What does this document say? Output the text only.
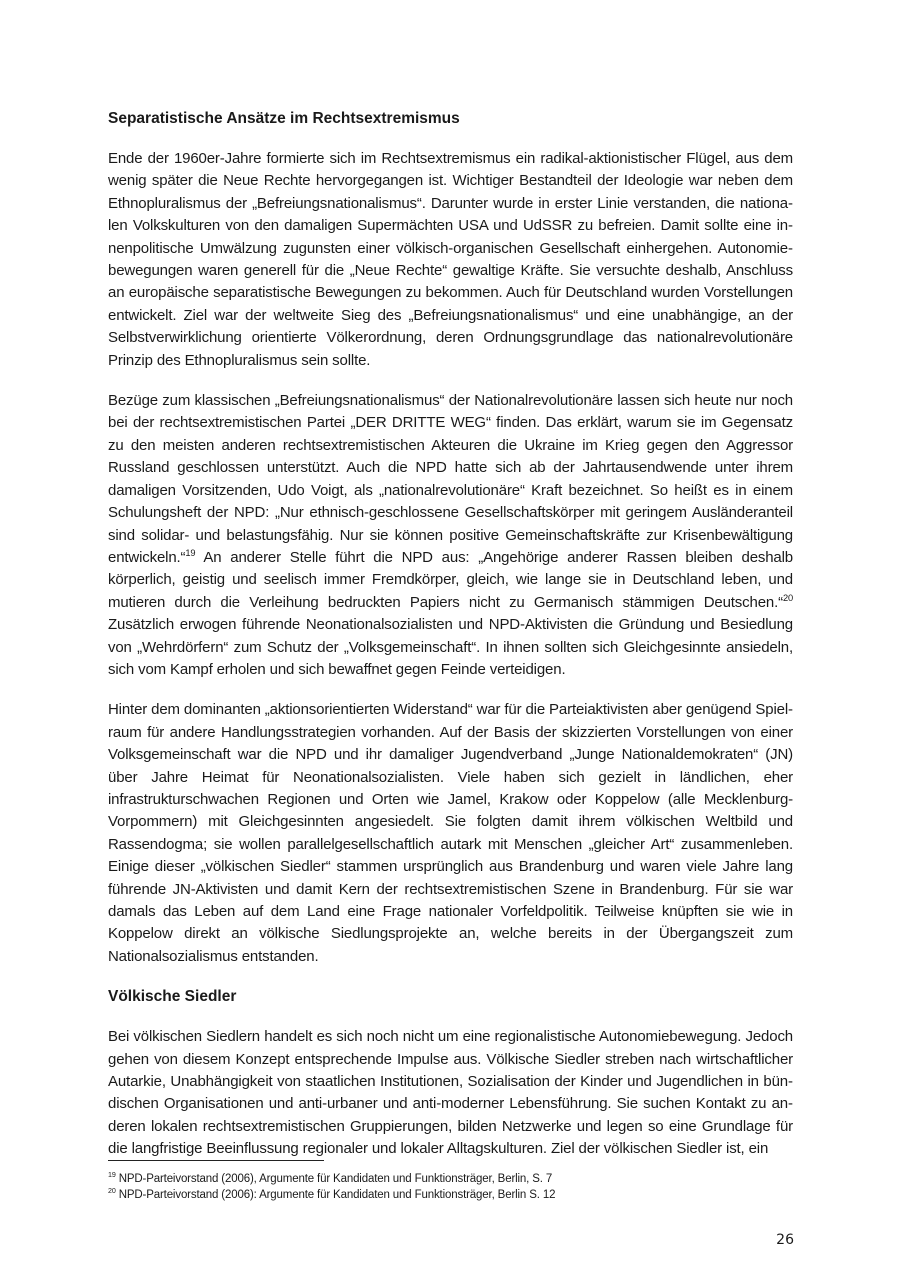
Separatistische Ansätze im Rechtsextremismus

Ende der 1960er-Jahre formierte sich im Rechtsextremismus ein radikal-aktionistischer Flügel, aus dem wenig später die Neue Rechte hervorgegangen ist. Wichtiger Bestandteil der Ideologie war neben dem Ethnopluralismus der „Befreiungsnationalismus“. Darunter wurde in erster Linie verstanden, die nationalen Volkskulturen von den damaligen Supermächten USA und UdSSR zu befreien. Damit sollte eine innenpolitische Umwälzung zugunsten einer völkisch-organischen Gesellschaft einhergehen. Autonomiebewegungen waren generell für die „Neue Rechte“ gewaltige Kräfte. Sie versuchte deshalb, Anschluss an europäische separatistische Bewegungen zu bekommen. Auch für Deutschland wurden Vorstellungen entwickelt. Ziel war der weltweite Sieg des „Befreiungsnationalismus“ und eine unabhängige, an der Selbstverwirklichung orientierte Völkerordnung, deren Ordnungsgrundlage das nationalrevolutionäre Prinzip des Ethnopluralismus sein sollte.

Bezüge zum klassischen „Befreiungsnationalismus“ der Nationalrevolutionäre lassen sich heute nur noch bei der rechtsextremistischen Partei „DER DRITTE WEG“ finden. Das erklärt, warum sie im Gegensatz zu den meisten anderen rechtsextremistischen Akteuren die Ukraine im Krieg gegen den Aggressor Russland geschlossen unterstützt. Auch die NPD hatte sich ab der Jahrtausendwende unter ihrem damaligen Vorsitzenden, Udo Voigt, als „nationalrevolutionäre“ Kraft bezeichnet. So heißt es in einem Schulungsheft der NPD: „Nur ethnisch-geschlossene Gesellschaftskörper mit geringem Ausländeranteil sind solidar- und belastungsfähig. Nur sie können positive Gemeinschaftskräfte zur Krisenbewältigung entwickeln.“$^{19}$ An anderer Stelle führt die NPD aus: „Angehörige anderer Rassen bleiben deshalb körperlich, geistig und seelisch immer Fremdkörper, gleich, wie lange sie in Deutschland leben, und mutieren durch die Verleihung bedruckten Papiers nicht zu Germanisch stämmigen Deutschen.“$^{20}$ Zusätzlich erwogen führende Neonationalsozialisten und NPD-Aktivisten die Gründung und Besiedlung von „Wehrdörfern“ zum Schutz der „Volksgemeinschaft“. In ihnen sollten sich Gleichgesinnte ansiedeln, sich vom Kampf erholen und sich bewaffnet gegen Feinde verteidigen.

Hinter dem dominanten „aktionsorientierten Widerstand“ war für die Parteiaktivisten aber genügend Spielraum für andere Handlungsstrategien vorhanden. Auf der Basis der skizzierten Vorstellungen von einer Volksgemeinschaft war die NPD und ihr damaliger Jugendverband „Junge Nationaldemokraten“ (JN) über Jahre Heimat für Neonationalsozialisten. Viele haben sich gezielt in ländlichen, eher infrastrukturschwachen Regionen und Orten wie Jamel, Krakow oder Koppelow (alle Mecklenburg-Vorpommern) mit Gleichgesinnten angesiedelt. Sie folgten damit ihrem völkischen Weltbild und Rassendogma; sie wollen parallelgesellschaftlich autark mit Menschen „gleicher Art“ zusammenleben. Einige dieser „völkischen Siedler“ stammen ursprünglich aus Brandenburg und waren viele Jahre lang führende JN-Aktivisten und damit Kern der rechtsextremistischen Szene in Brandenburg. Für sie war damals das Leben auf dem Land eine Frage nationaler Vorfeldpolitik. Teilweise knüpften sie wie in Koppelow direkt an völkische Siedlungsprojekte an, welche bereits in der Übergangszeit zum Nationalsozialismus entstanden.

Völkische Siedler

Bei völkischen Siedlern handelt es sich noch nicht um eine regionalistische Autonomiebewegung. Jedoch gehen von diesem Konzept entsprechende Impulse aus. Völkische Siedler streben nach wirtschaftlicher Autarkie, Unabhängigkeit von staatlichen Institutionen, Sozialisation der Kinder und Jugendlichen in bündischen Organisationen und anti-urbaner und anti-moderner Lebensführung. Sie suchen Kontakt zu anderen lokalen rechtsextremistischen Gruppierungen, bilden Netzwerke und legen so eine Grundlage für die langfristige Beeinflussung regionaler und lokaler Alltagskulturen. Ziel der völkischen Siedler ist, ein

$^{19}$ NPD-Parteivorstand (2006), Argumente für Kandidaten und Funktionsträger, Berlin, S. 7

$^{20}$ NPD-Parteivorstand (2006): Argumente für Kandidaten und Funktionsträger, Berlin S. 12

26
